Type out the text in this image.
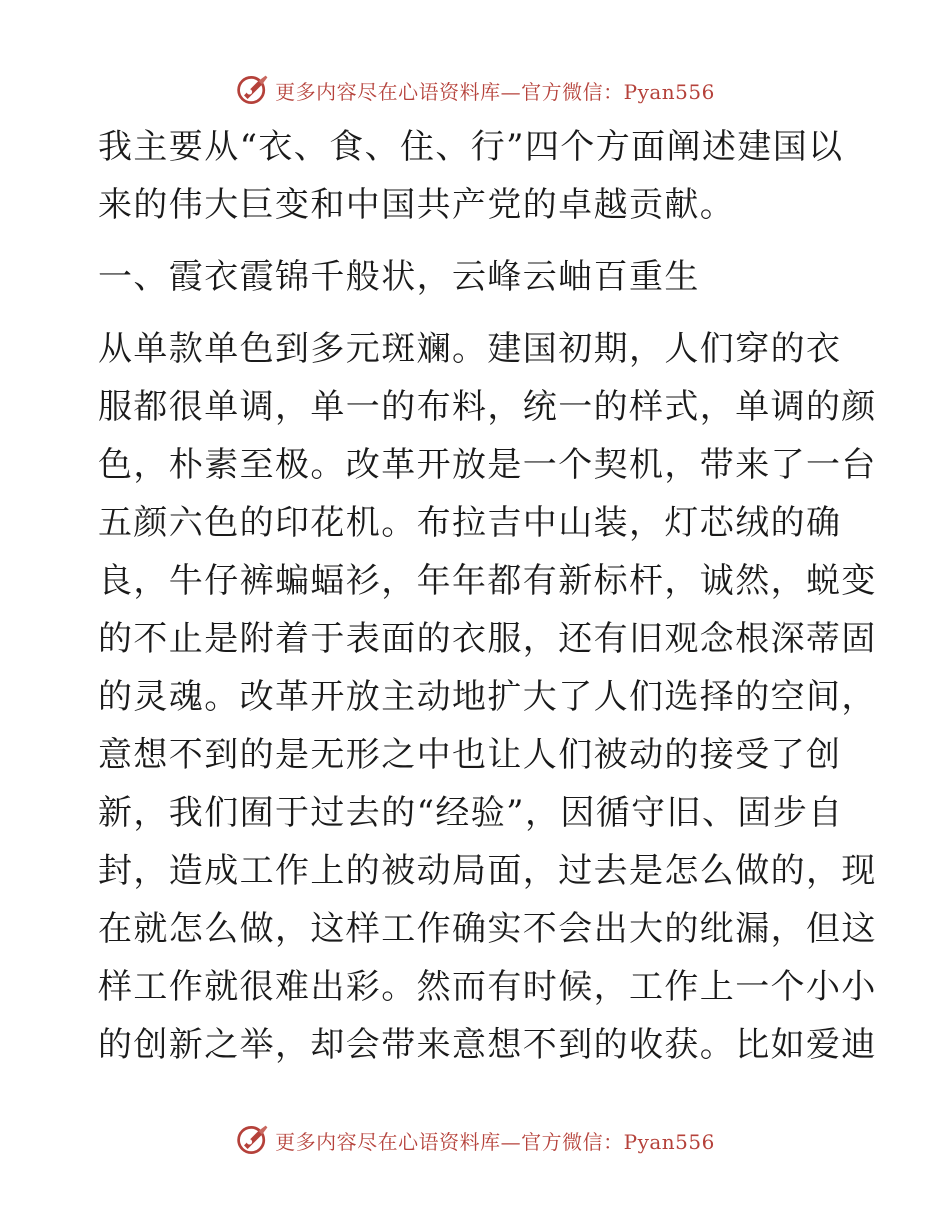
更多内容尽在心语资料库—官方微信：Pyan556
我主要从“衣、食、住、行”四个方面阐述建国以
来的伟大巨变和中国共产党的卓越贡献。
一、霞衣霞锦千般状，云峰云岫百重生
从单款单色到多元斑斓。建国初期，人们穿的衣
服都很单调，单一的布料，统一的样式，单调的颜
色，朴素至极。改革开放是一个契机，带来了一台
五颜六色的印花机。布拉吉中山装，灯芯绒的确
良，牛仔裤蝙蝠衫，年年都有新标杆，诚然，蜕变
的不止是附着于表面的衣服，还有旧观念根深蒂固
的灵魂。改革开放主动地扩大了人们选择的空间，
意想不到的是无形之中也让人们被动的接受了创
新，我们囿于过去的“经验”，因循守旧、固步自
封，造成工作上的被动局面，过去是怎么做的，现
在就怎么做，这样工作确实不会出大的纰漏，但这
样工作就很难出彩。然而有时候，工作上一个小小
的创新之举，却会带来意想不到的收获。比如爱迪
更多内容尽在心语资料库—官方微信：Pyan556
